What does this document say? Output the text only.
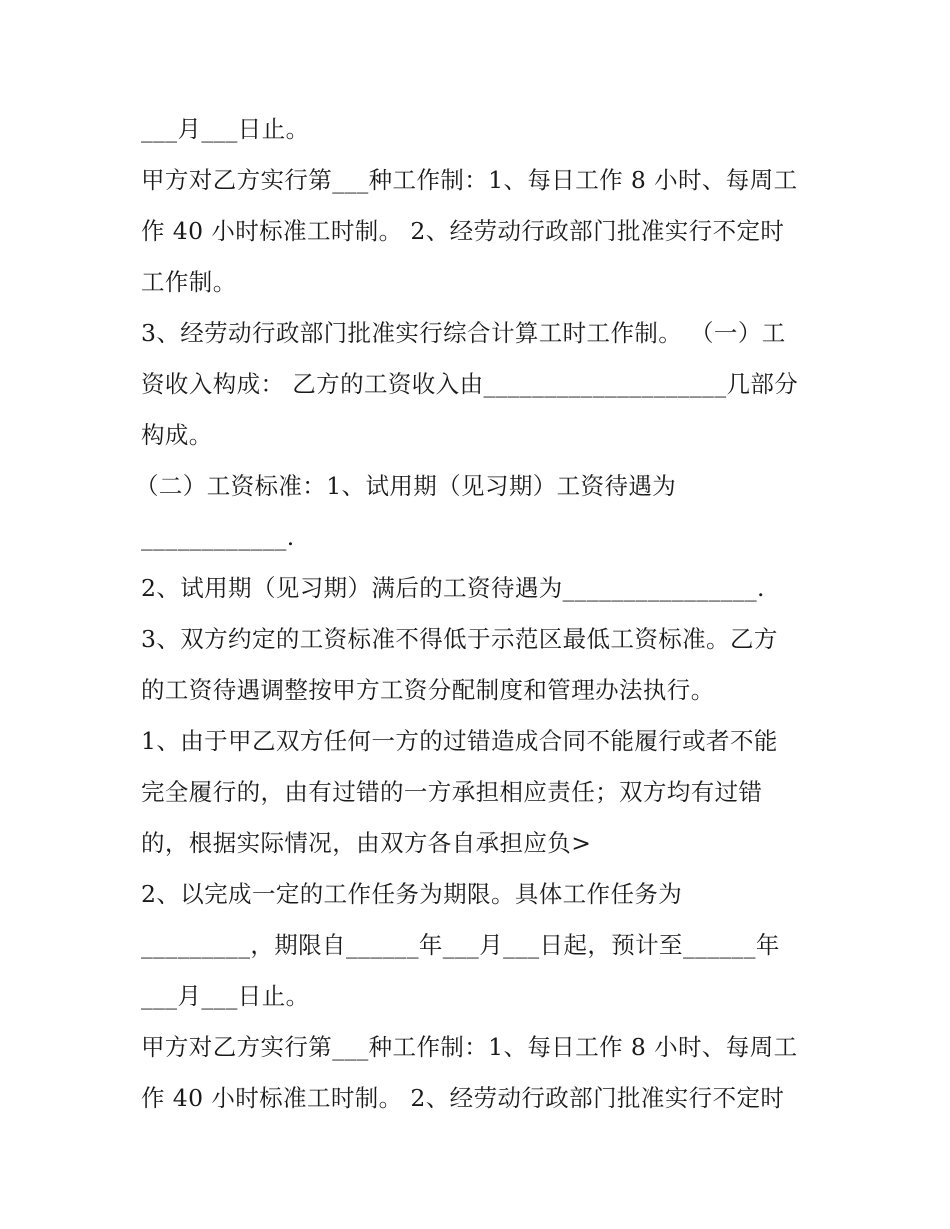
___月___日止。
甲方对乙方实行第___种工作制：1、每日工作 8 小时、每周工
作 40 小时标准工时制。 2、经劳动行政部门批准实行不定时
工作制。
3、经劳动行政部门批准实行综合计算工时工作制。 （一）工
资收入构成： 乙方的工资收入由____________________几部分
构成。
（二）工资标准：1、试用期（见习期）工资待遇为
____________.
2、试用期（见习期）满后的工资待遇为________________.
3、双方约定的工资标准不得低于示范区最低工资标准。乙方
的工资待遇调整按甲方工资分配制度和管理办法执行。
1、由于甲乙双方任何一方的过错造成合同不能履行或者不能
完全履行的，由有过错的一方承担相应责任；双方均有过错
的，根据实际情况，由双方各自承担应负>
2、以完成一定的工作任务为期限。具体工作任务为
_________，期限自______年___月___日起，预计至______年
___月___日止。
甲方对乙方实行第___种工作制：1、每日工作 8 小时、每周工
作 40 小时标准工时制。 2、经劳动行政部门批准实行不定时
